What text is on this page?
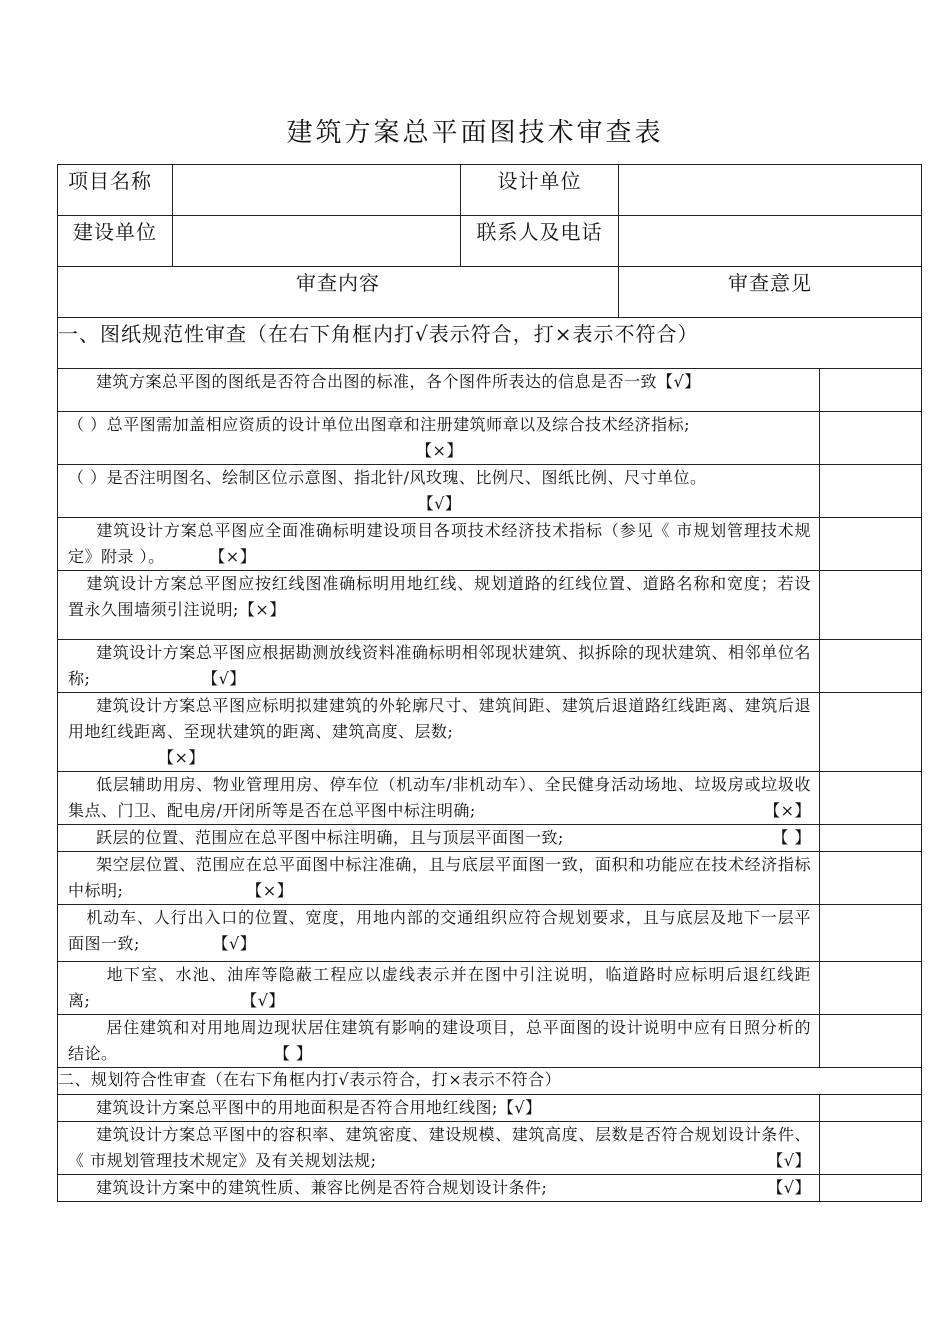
建筑方案总平面图技术审查表
项目名称		设计单位		
建设单位		联系人及电话		
审查内容			审查意见	
一、图纸规范性审查（在右下角框内打√表示符合，打×表示不符合）				
建筑方案总平图的图纸是否符合出图的标准，各个图件所表达的信息是否一致【√】				
（ ）总平图需加盖相应资质的设计单位出图章和注册建筑师章以及综合技术经济指标;
【×】				

（ ）是否注明图名、绘制区位示意图、指北针/风玫瑰、比例尺、图纸比例、尺寸单位。
【√】				

建筑设计方案总平图应全面准确标明建设项目各项技术经济技术指标（参见《 市规划管理技术规定》附录 ）。 【×】				
建筑设计方案总平图应按红线图准确标明用地红线、规划道路的红线位置、道路名称和宽度；若设置永久围墙须引注说明;【×】				
建筑设计方案总平图应根据勘测放线资料准确标明相邻现状建筑、拟拆除的现状建筑、相邻单位名称; 【√】				
建筑设计方案总平图应标明拟建建筑的外轮廓尺寸、建筑间距、建筑后退道路红线距离、建筑后退用地红线距离、至现状建筑的距离、建筑高度、层数;
【×】				
低层辅助用房、物业管理用房、停车位（机动车/非机动车）、全民健身活动场地、垃圾房或垃圾收集点、门卫、配电房/开闭所等是否在总平图中标注明确; 【×】				

跃层的位置、范围应在总平图中标注明确，且与顶层平面图一致; 【 】				

架空层位置、范围应在总平面图中标注准确，且与底层平面图一致，面积和功能应在技术经济指标中标明; 【×】				
机动车、人行出入口的位置、宽度，用地内部的交通组织应符合规划要求，且与底层及地下一层平面图一致; 【√】				
地下室、水池、油库等隐蔽工程应以虚线表示并在图中引注说明，临道路时应标明后退红线距离; 【√】				
居住建筑和对用地周边现状居住建筑有影响的建设项目，总平面图的设计说明中应有日照分析的结论。 【 】				
二、规划符合性审查（在右下角框内打√表示符合，打×表示不符合）				
建筑设计方案总平图中的用地面积是否符合用地红线图;【√】				
建筑设计方案总平图中的容积率、建筑密度、建设规模、建筑高度、层数是否符合规划设计条件、《 市规划管理技术规定》及有关规划法规; 【√】				

建筑设计方案中的建筑性质、兼容比例是否符合规划设计条件; 【√】				
